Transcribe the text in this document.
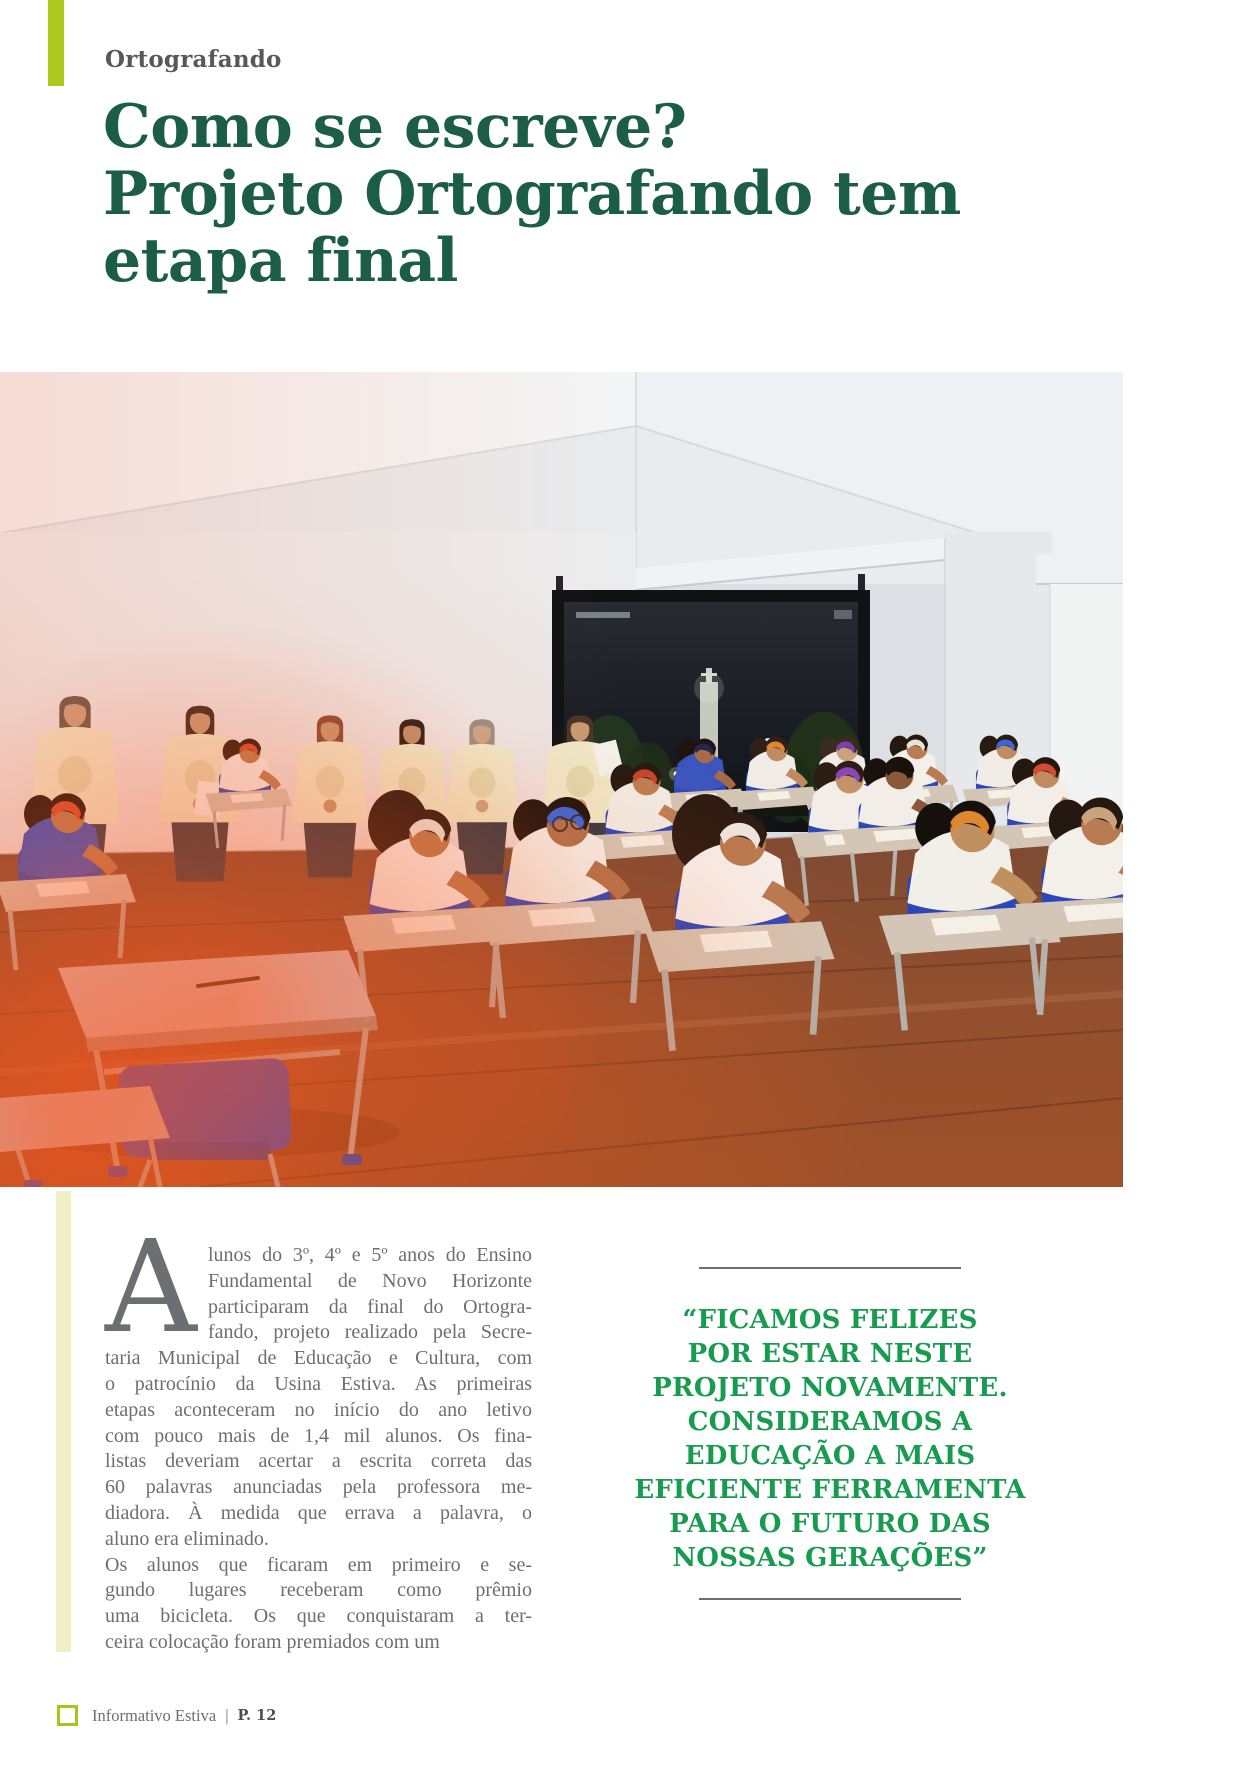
Ortografando
Como se escreve?
Projeto Ortografando tem
etapa final
A lunos do 3º, 4º e 5º anos do Ensino
Fundamental de Novo Horizonte
participaram da final do Ortogra-
fando, projeto realizado pela Secre-
taria Municipal de Educação e Cultura, com
o patrocínio da Usina Estiva. As primeiras
etapas aconteceram no início do ano letivo
com pouco mais de 1,4 mil alunos. Os fina-
listas deveriam acertar a escrita correta das
60 palavras anunciadas pela professora me-
diadora. À medida que errava a palavra, o
aluno era eliminado.
Os alunos que ficaram em primeiro e se-
gundo lugares receberam como prêmio
uma bicicleta. Os que conquistaram a ter-
ceira colocação foram premiados com um
“FICAMOS FELIZES
POR ESTAR NESTE
PROJETO NOVAMENTE.
CONSIDERAMOS A
EDUCAÇÃO A MAIS
EFICIENTE FERRAMENTA
PARA O FUTURO DAS
NOSSAS GERAÇÕES”
Informativo Estiva | P. 12
